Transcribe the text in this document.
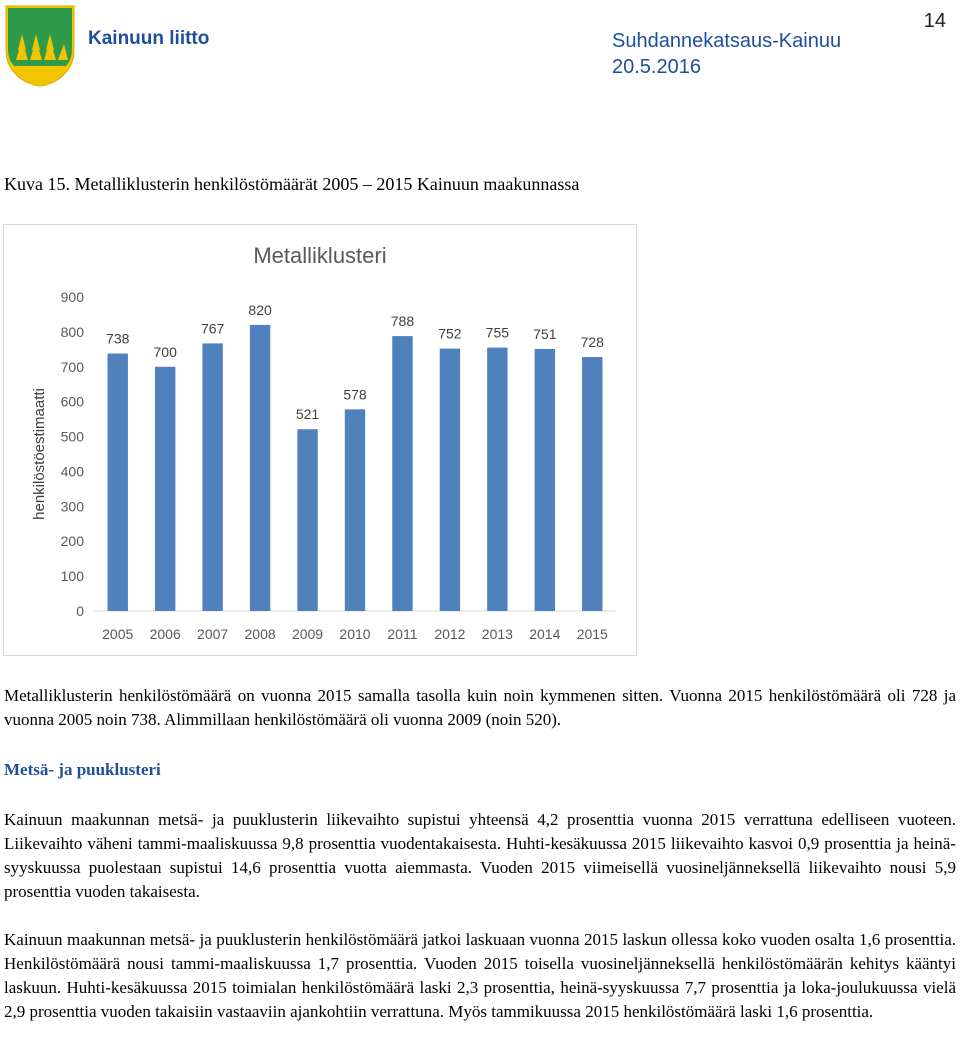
Kainuun liitto	Suhdannekatsaus-Kainuu
20.5.2016
14
Kuva 15. Metalliklusterin henkilöstömäärät 2005 – 2015 Kainuun maakunnassa
Metalliklusteri
henkilöstöestimaatti
0
100
200
300
400
500
600
700
800
900
738
2005
700
2006
767
2007
820
2008
521
2009
578
2010
788
2011
752
2012
755
2013
751
2014
728
2015

Metalliklusterin henkilöstömäärä on vuonna 2015 samalla tasolla kuin noin kymmenen sitten. Vuonna 2015 henkilöstömäärä oli 728 ja vuonna 2005 noin 738. Alimmillaan henkilöstömäärä oli vuonna 2009 (noin 520).

Metsä- ja puuklusteri

Kainuun maakunnan metsä- ja puuklusterin liikevaihto supistui yhteensä 4,2 prosenttia vuonna 2015 verrattuna edelliseen vuoteen. Liikevaihto väheni tammi-maaliskuussa 9,8 prosenttia vuodentakaisesta. Huhti-kesäkuussa 2015 liikevaihto kasvoi 0,9 prosenttia ja heinä-syyskuussa puolestaan supistui 14,6 prosenttia vuotta aiemmasta. Vuoden 2015 viimeisellä vuosineljänneksellä liikevaihto nousi 5,9 prosenttia vuoden takaisesta.

Kainuun maakunnan metsä- ja puuklusterin henkilöstömäärä jatkoi laskuaan vuonna 2015 laskun ollessa koko vuoden osalta 1,6 prosenttia. Henkilöstömäärä nousi tammi-maaliskuussa 1,7 prosenttia. Vuoden 2015 toisella vuosineljänneksellä henkilöstömäärän kehitys kääntyi laskuun. Huhti-kesäkuussa 2015 toimialan henkilöstömäärä laski 2,3 prosenttia, heinä-syyskuussa 7,7 prosenttia ja loka-joulukuussa vielä 2,9 prosenttia vuoden takaisiin vastaaviin ajankohtiin verrattuna. Myös tammikuussa 2015 henkilöstömäärä laski 1,6 prosenttia.
